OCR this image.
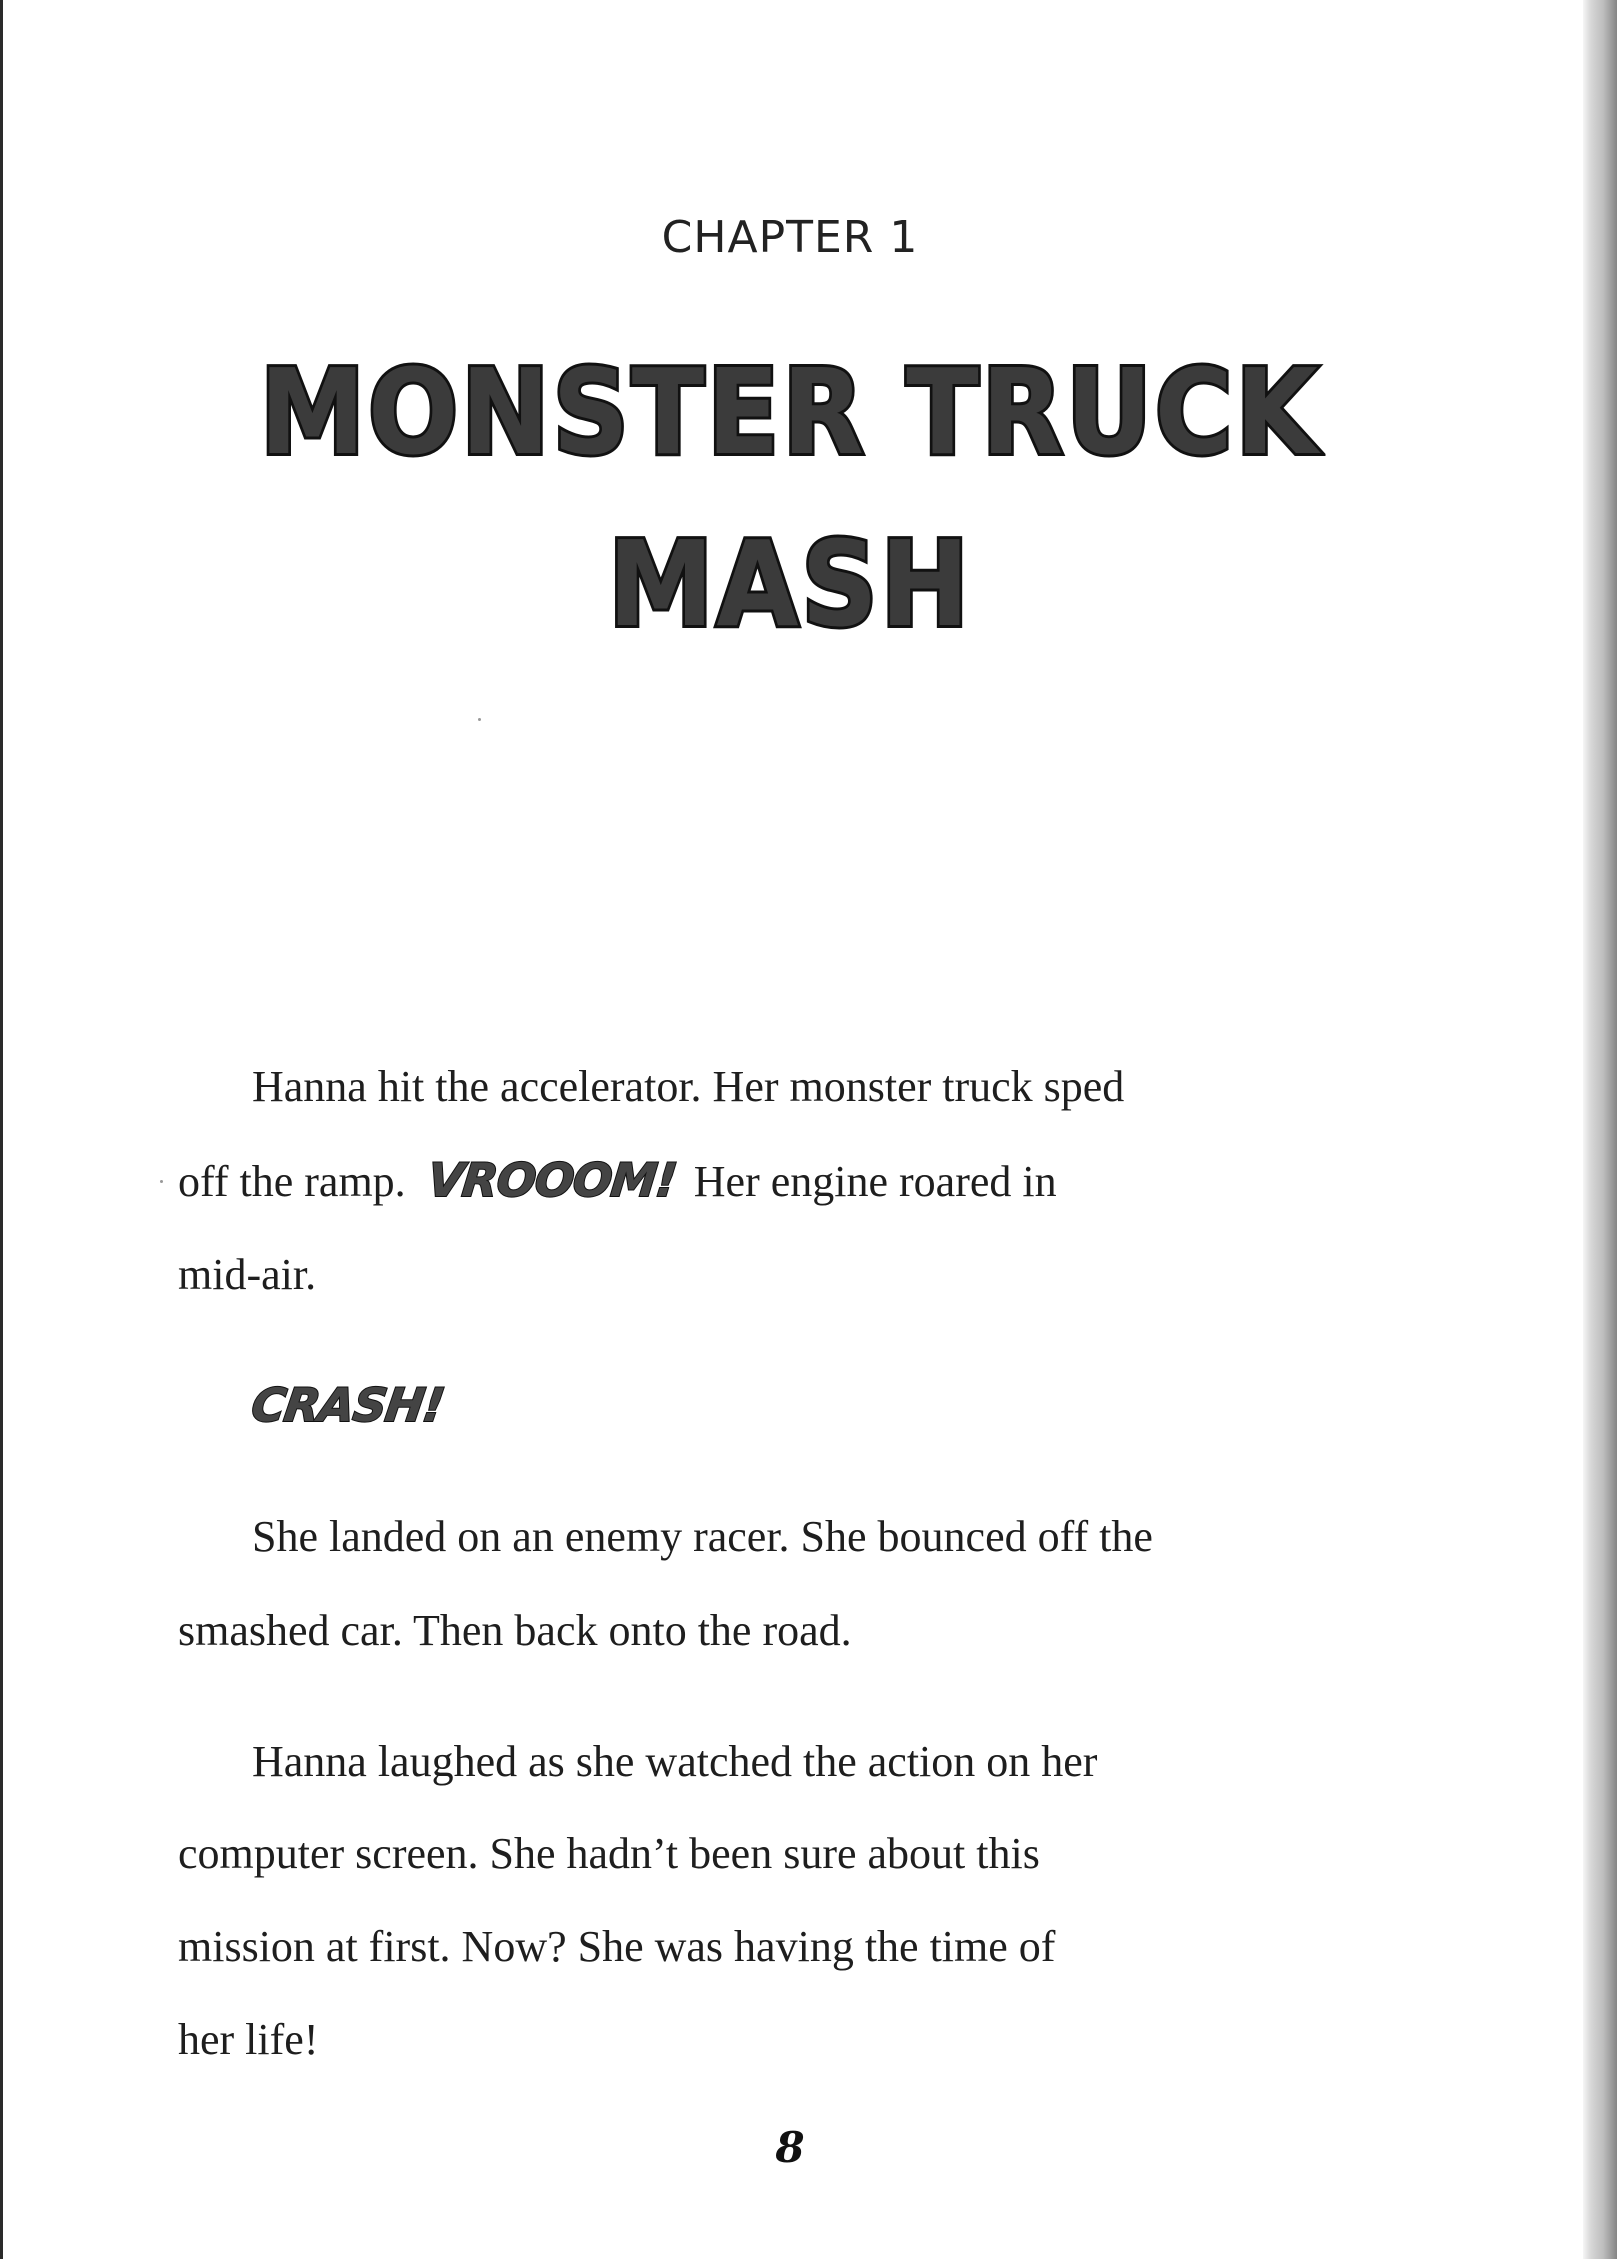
CHAPTER 1
MONSTER TRUCK
MASH
Hanna hit the accelerator. Her monster truck sped
off the ramp. VROOOM! Her engine roared in
mid-air.
CRASH!
She landed on an enemy racer. She bounced off the
smashed car. Then back onto the road.
Hanna laughed as she watched the action on her
computer screen. She hadn’t been sure about this
mission at first. Now? She was having the time of
her life!
8
